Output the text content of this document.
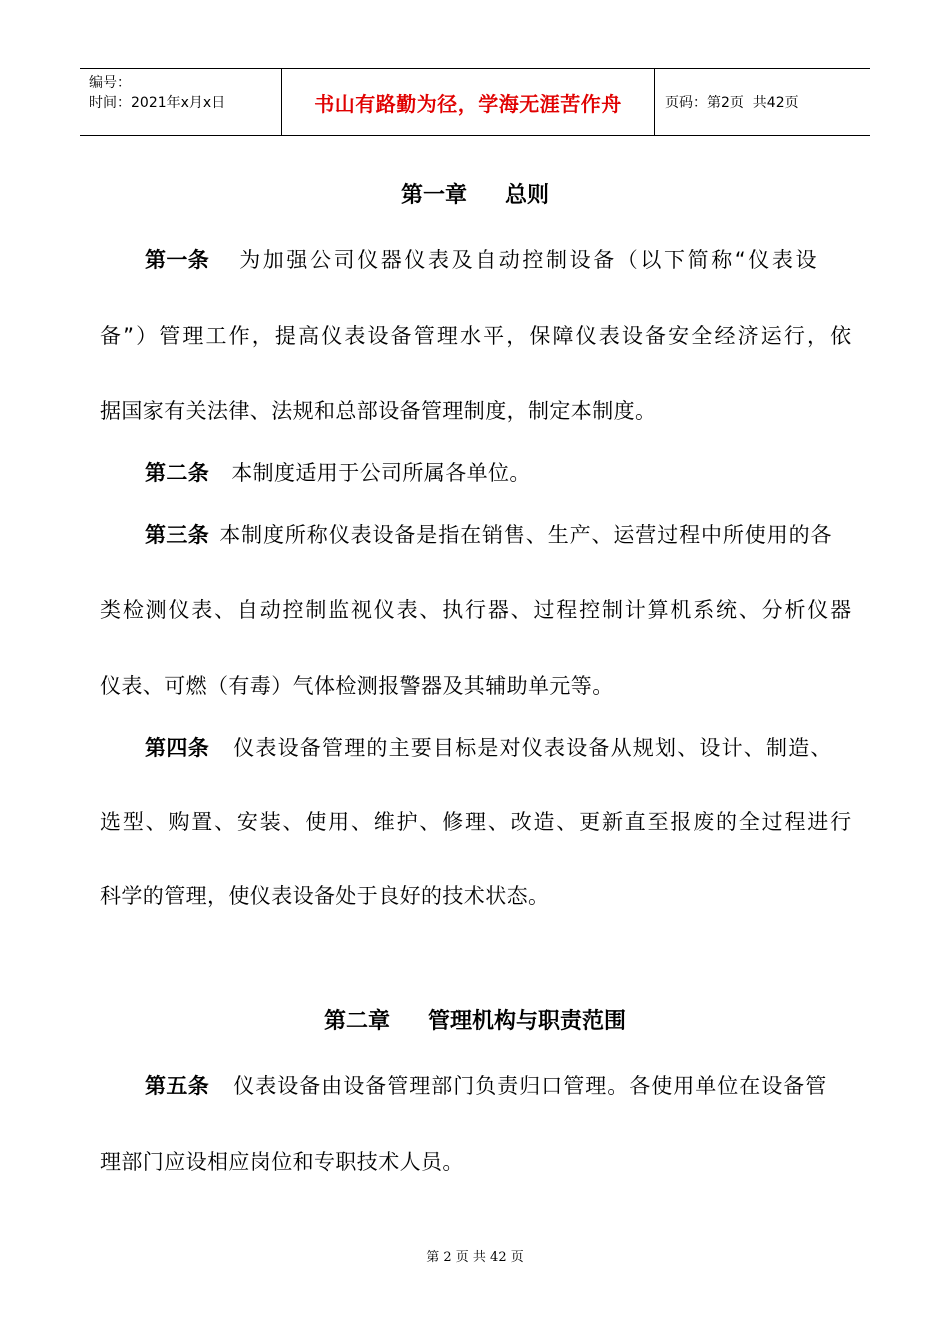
编号：
时间：2021年x月x日	书山有路勤为径，学海无涯苦作舟	页码：第2页  共42页
第一章 总则
第一条 为加强公司仪器仪表及自动控制设备（以下简称“仪表设
备”）管理工作，提高仪表设备管理水平，保障仪表设备安全经济运行，依
据国家有关法律、法规和总部设备管理制度，制定本制度。
第二条 本制度适用于公司所属各单位。
第三条 本制度所称仪表设备是指在销售、生产、运营过程中所使用的各
类检测仪表、自动控制监视仪表、执行器、过程控制计算机系统、分析仪器
仪表、可燃（有毒）气体检测报警器及其辅助单元等。
第四条 仪表设备管理的主要目标是对仪表设备从规划、设计、制造、
选型、购置、安装、使用、维护、修理、改造、更新直至报废的全过程进行
科学的管理，使仪表设备处于良好的技术状态。
第二章 管理机构与职责范围
第五条 仪表设备由设备管理部门负责归口管理。各使用单位在设备管
理部门应设相应岗位和专职技术人员。
第 2 页 共 42 页
